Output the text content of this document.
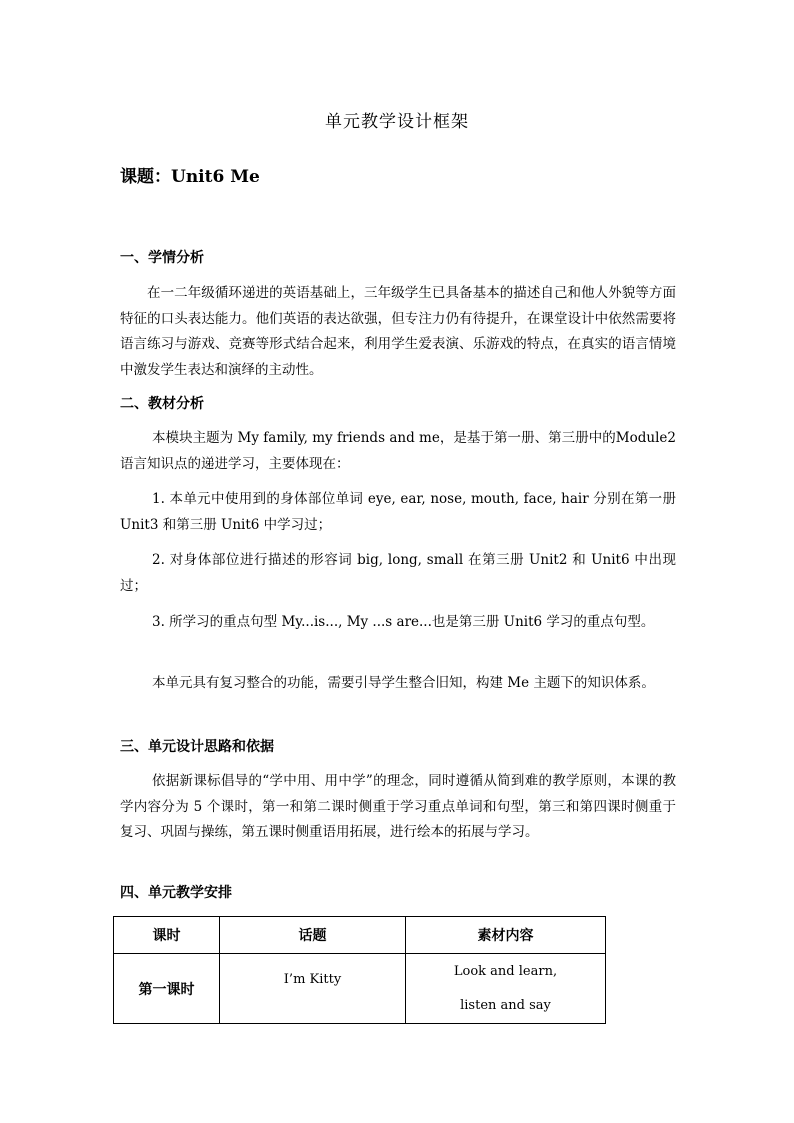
单元教学设计框架
课题：Unit6 Me
一、学情分析
在一二年级循环递进的英语基础上，三年级学生已具备基本的描述自己和他人外貌等方面特征的口头表达能力。他们英语的表达欲强，但专注力仍有待提升，在课堂设计中依然需要将语言练习与游戏、竞赛等形式结合起来，利用学生爱表演、乐游戏的特点，在真实的语言情境中激发学生表达和演绎的主动性。
二、教材分析
本模块主题为 My family, my friends and me，是基于第一册、第三册中的Module2 语言知识点的递进学习，主要体现在：
1. 本单元中使用到的身体部位单词 eye, ear, nose, mouth, face, hair 分别在第一册 Unit3 和第三册 Unit6 中学习过；
2. 对身体部位进行描述的形容词 big, long, small 在第三册 Unit2 和 Unit6 中出现过；
3. 所学习的重点句型 My...is..., My ...s are...也是第三册 Unit6 学习的重点句型。
本单元具有复习整合的功能，需要引导学生整合旧知，构建 Me 主题下的知识体系。
三、单元设计思路和依据
依据新课标倡导的“学中用、用中学”的理念，同时遵循从简到难的教学原则，本课的教学内容分为 5 个课时，第一和第二课时侧重于学习重点单词和句型，第三和第四课时侧重于复习、巩固与操练，第五课时侧重语用拓展，进行绘本的拓展与学习。
四、单元教学安排
课时	话题	素材内容
第一课时	I’m Kitty	Look and learn,
listen and say
